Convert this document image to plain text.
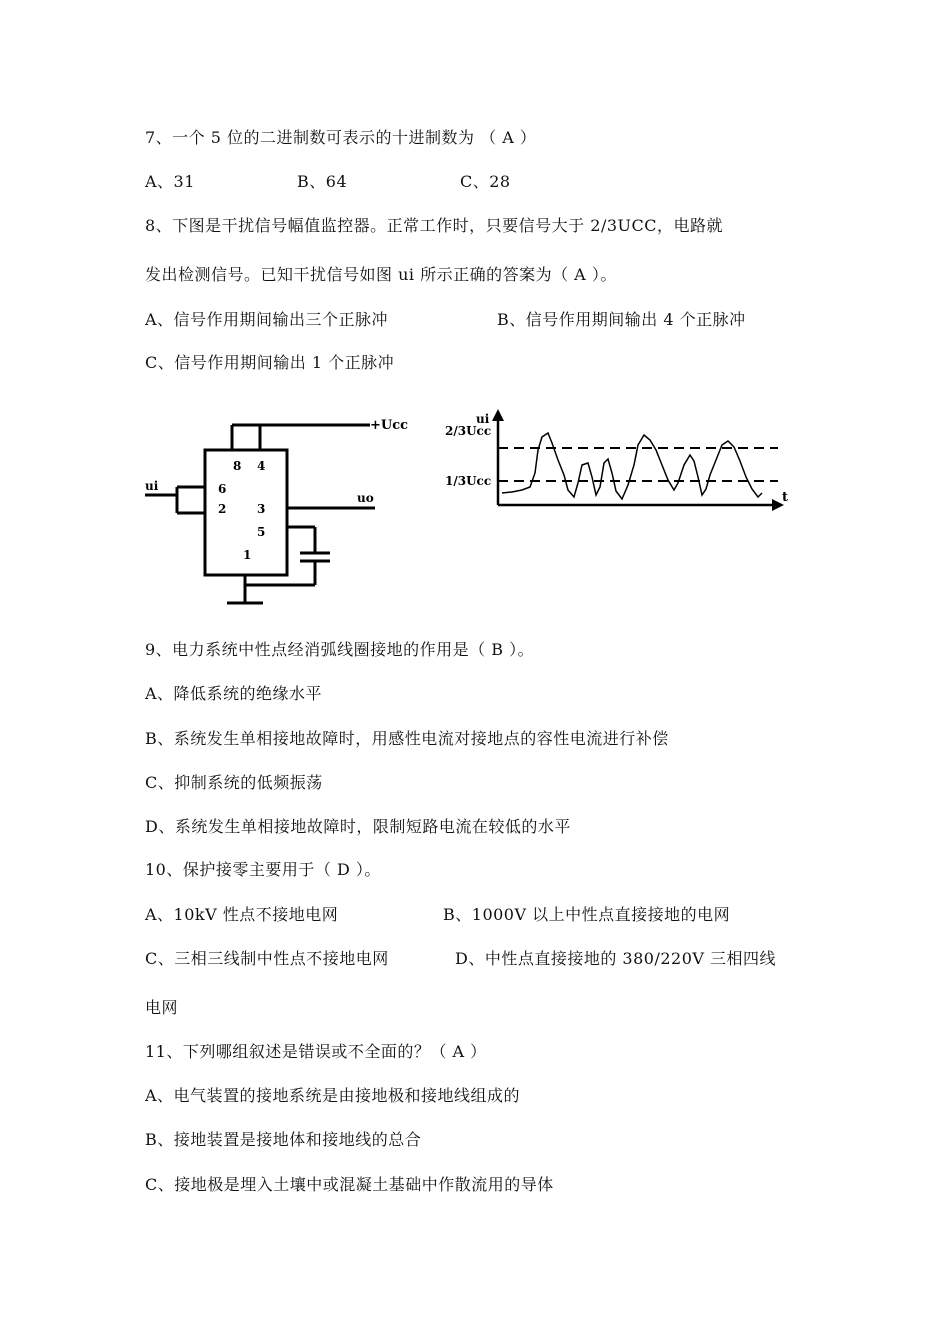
7、一个 5 位的二进制数可表示的十进制数为 （ A ）
A、31	B、64	C、28
8、下图是干扰信号幅值监控器。正常工作时，只要信号大于 2/3UCC，电路就
发出检测信号。已知干扰信号如图 ui 所示正确的答案为（ A ）。
A、信号作用期间输出三个正脉冲	B、信号作用期间输出 4 个正脉冲
C、信号作用期间输出 1 个正脉冲
+Ucc
ui
uo
8 4
6
2	3
5
1
2/3Ucc
1/3Ucc
ui
t
9、电力系统中性点经消弧线圈接地的作用是（ B ）。
A、降低系统的绝缘水平
B、系统发生单相接地故障时，用感性电流对接地点的容性电流进行补偿
C、抑制系统的低频振荡
D、系统发生单相接地故障时，限制短路电流在较低的水平
10、保护接零主要用于（ D ）。
A、10kV 性点不接地电网	B、1000V 以上中性点直接接地的电网
C、三相三线制中性点不接地电网	D、中性点直接接地的 380/220V 三相四线
电网
11、下列哪组叙述是错误或不全面的？（ A ）
A、电气装置的接地系统是由接地极和接地线组成的
B、接地装置是接地体和接地线的总合
C、接地极是埋入土壤中或混凝土基础中作散流用的导体
